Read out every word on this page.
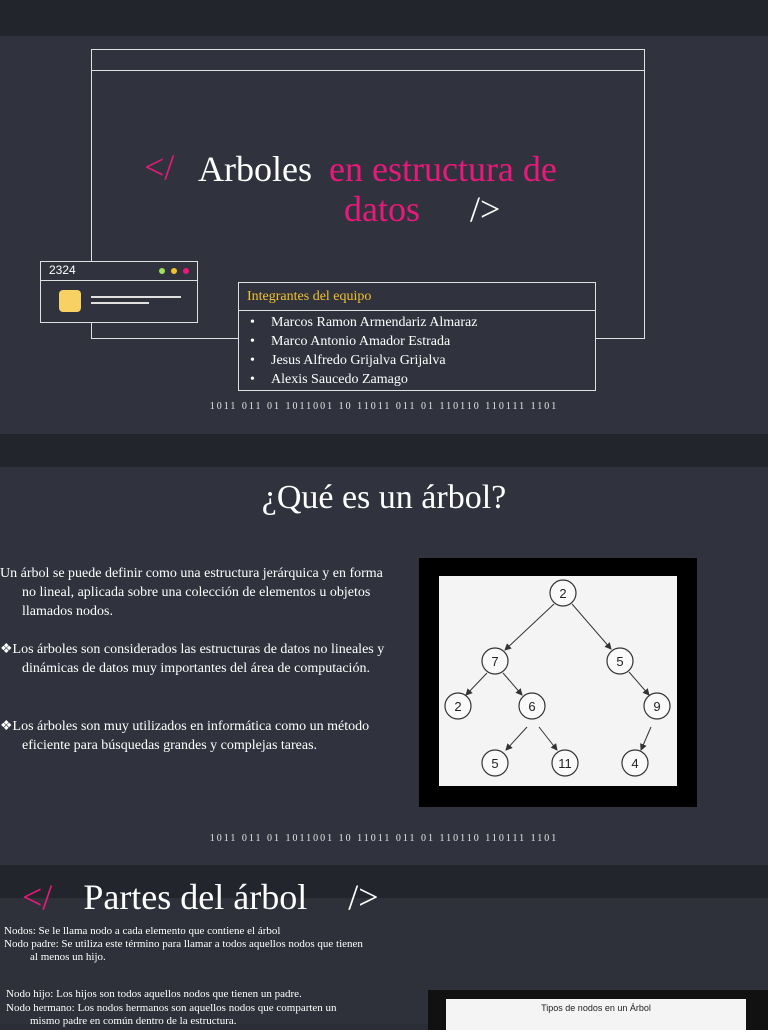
</ Arboles en estructura de
datos />
2324
Integrantes del equipo
• Marcos Ramon Armendariz Almaraz
• Marco Antonio Amador Estrada
• Jesus Alfredo Grijalva Grijalva
• Alexis Saucedo Zamago
1011 011 01 1011001 10 11011 011 01 110110 110111 1101
¿Qué es un árbol?
Un árbol se puede definir como una estructura jerárquica y en forma no lineal, aplicada sobre una colección de elementos u objetos llamados nodos.
❖Los árboles son considerados las estructuras de datos no lineales y dinámicas de datos muy importantes del área de computación.
❖Los árboles son muy utilizados en informática como un método eficiente para búsquedas grandes y complejas tareas.
2
7	5
2	6	9
5	11	4
1011 011 01 1011001 10 11011 011 01 110110 110111 1101
</ Partes del árbol />
Nodos: Se le llama nodo a cada elemento que contiene el árbol
Nodo padre: Se utiliza este término para llamar a todos aquellos nodos que tienen
al menos un hijo.
Nodo hijo: Los hijos son todos aquellos nodos que tienen un padre.
Nodo hermano: Los nodos hermanos son aquellos nodos que comparten un
mismo padre en común dentro de la estructura.
Tipos de nodos en un Árbol
